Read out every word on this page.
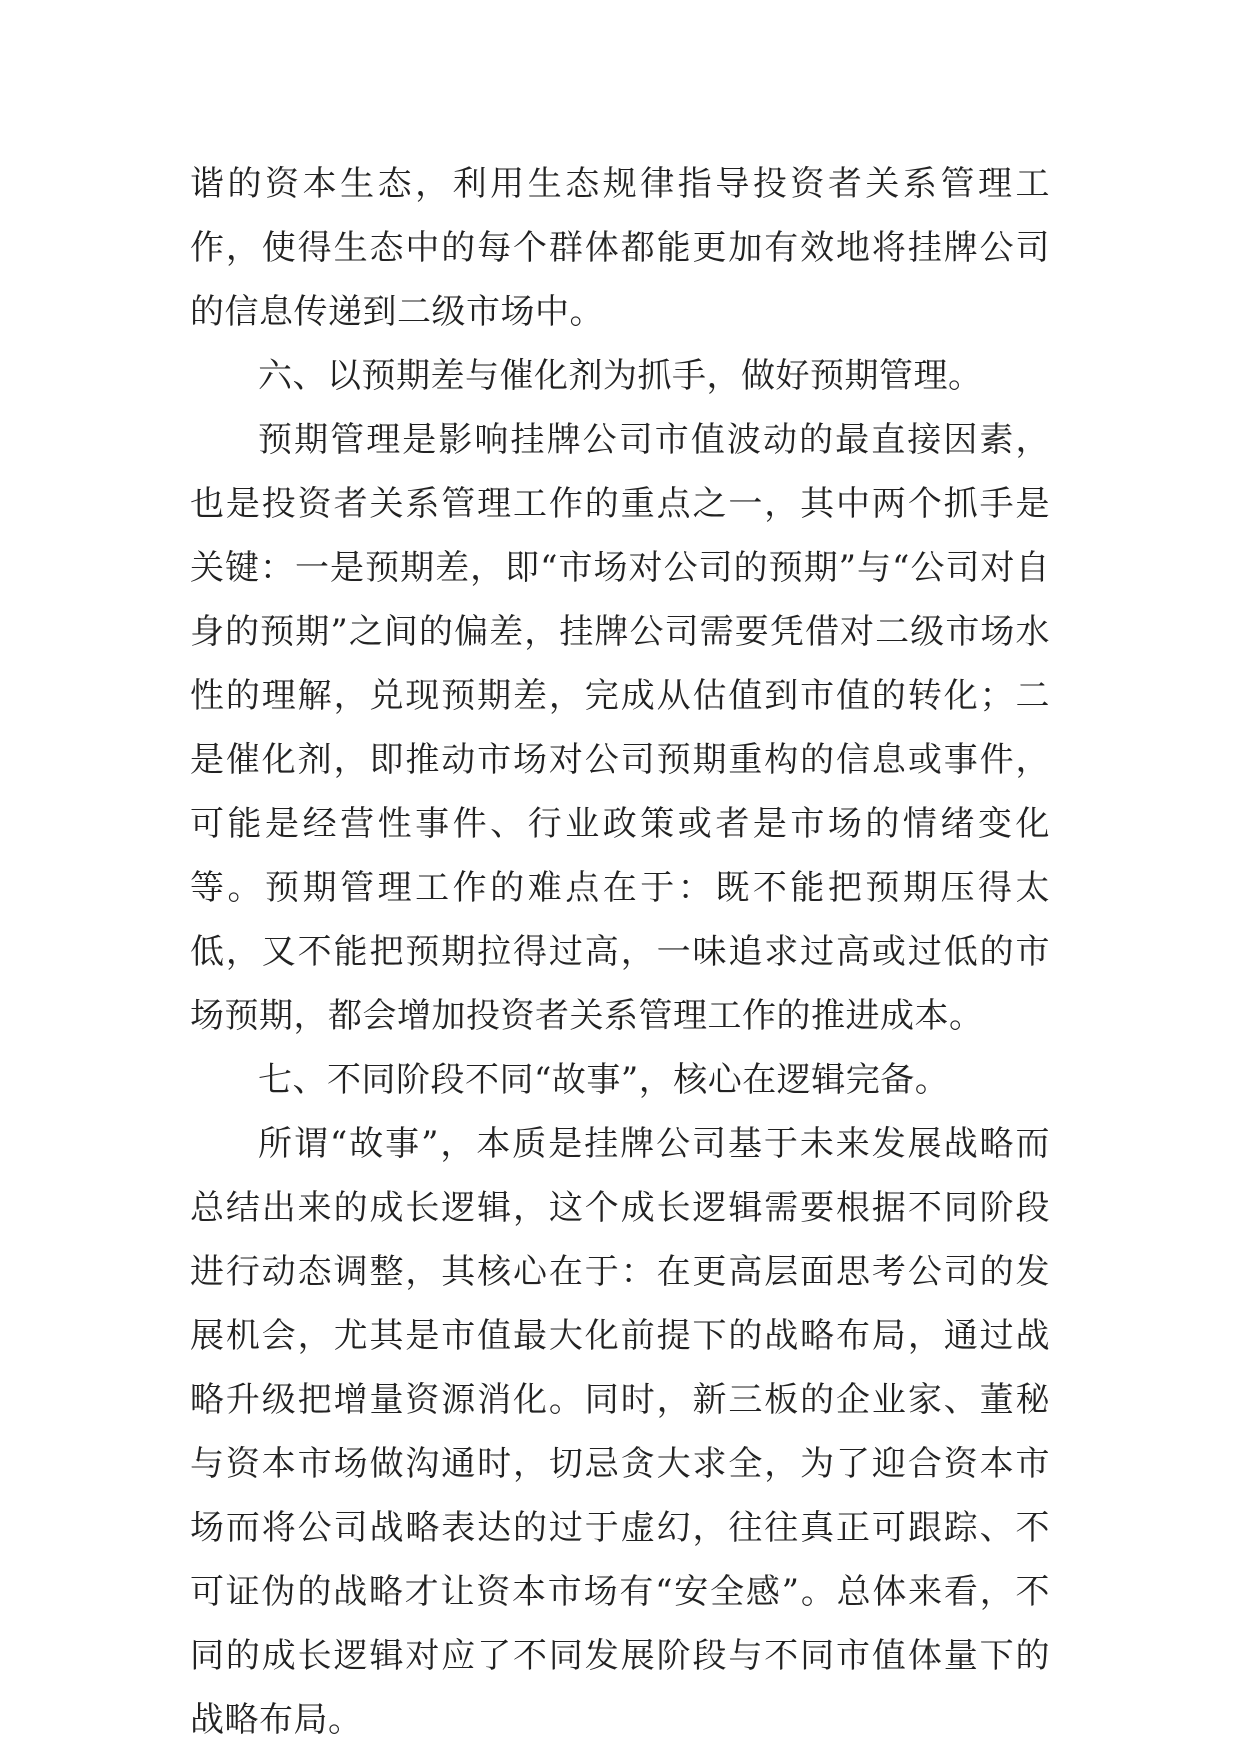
谐的资本生态，利用生态规律指导投资者关系管理工作，使得生态中的每个群体都能更加有效地将挂牌公司的信息传递到二级市场中。

六、以预期差与催化剂为抓手，做好预期管理。

预期管理是影响挂牌公司市值波动的最直接因素，也是投资者关系管理工作的重点之一，其中两个抓手是关键：一是预期差，即“市场对公司的预期”与“公司对自身的预期”之间的偏差，挂牌公司需要凭借对二级市场水性的理解，兑现预期差，完成从估值到市值的转化；二是催化剂，即推动市场对公司预期重构的信息或事件，可能是经营性事件、行业政策或者是市场的情绪变化等。预期管理工作的难点在于：既不能把预期压得太低，又不能把预期拉得过高，一味追求过高或过低的市场预期，都会增加投资者关系管理工作的推进成本。

七、不同阶段不同“故事”，核心在逻辑完备。

所谓“故事”，本质是挂牌公司基于未来发展战略而总结出来的成长逻辑，这个成长逻辑需要根据不同阶段进行动态调整，其核心在于：在更高层面思考公司的发展机会，尤其是市值最大化前提下的战略布局，通过战略升级把增量资源消化。同时，新三板的企业家、董秘与资本市场做沟通时，切忌贪大求全，为了迎合资本市场而将公司战略表达的过于虚幻，往往真正可跟踪、不可证伪的战略才让资本市场有“安全感”。总体来看，不同的成长逻辑对应了不同发展阶段与不同市值体量下的战略布局。
